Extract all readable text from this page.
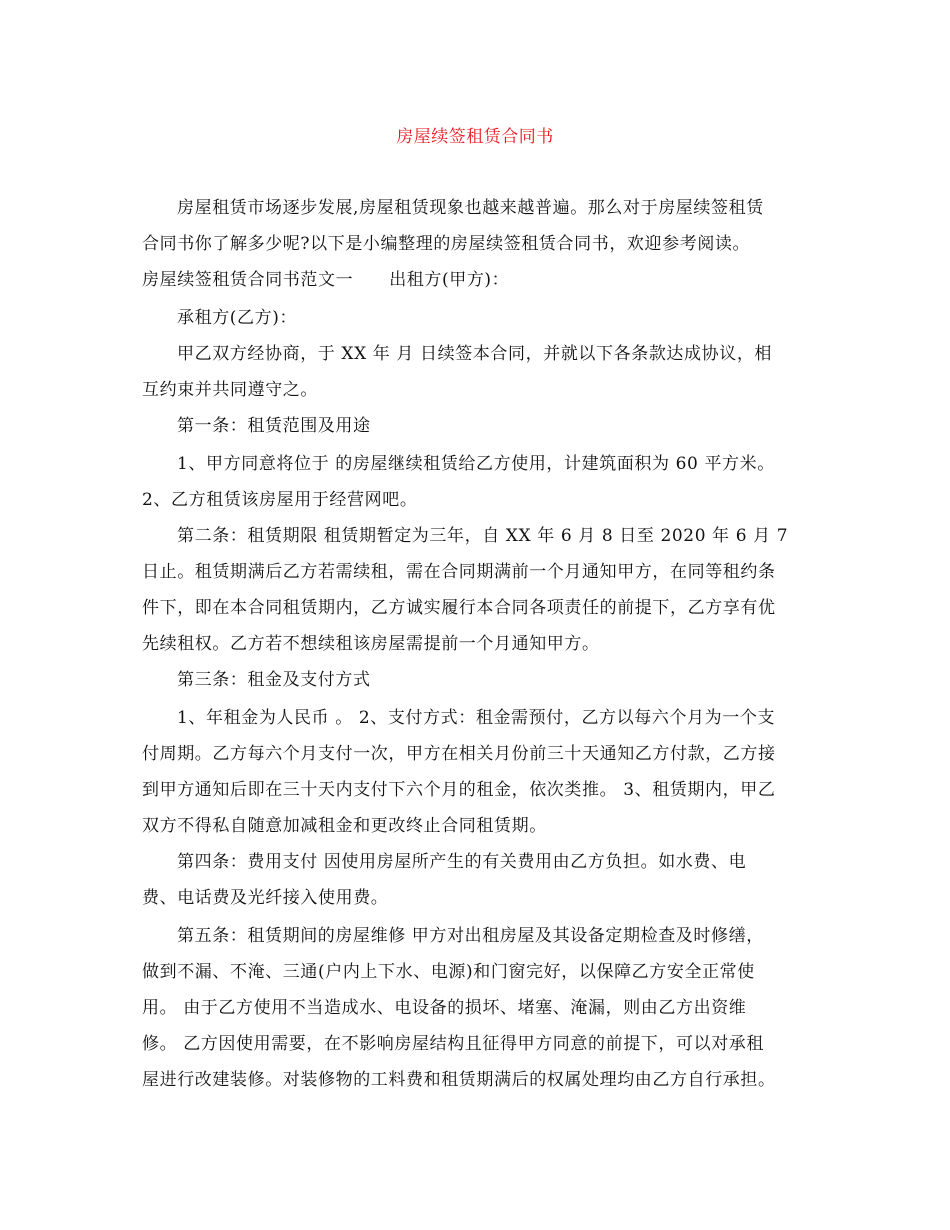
房屋续签租赁合同书
房屋租赁市场逐步发展,房屋租赁现象也越来越普遍。那么对于房屋续签租赁
合同书你了解多少呢?以下是小编整理的房屋续签租赁合同书，欢迎参考阅读。
房屋续签租赁合同书范文一 出租方(甲方)：
承租方(乙方)：
甲乙双方经协商，于 XX 年 月 日续签本合同，并就以下各条款达成协议，相
互约束并共同遵守之。
第一条：租赁范围及用途
1、甲方同意将位于 的房屋继续租赁给乙方使用，计建筑面积为 60 平方米。
2、乙方租赁该房屋用于经营网吧。
第二条：租赁期限 租赁期暂定为三年，自 XX 年 6 月 8 日至 2020 年 6 月 7
日止。租赁期满后乙方若需续租，需在合同期满前一个月通知甲方，在同等租约条
件下，即在本合同租赁期内，乙方诚实履行本合同各项责任的前提下，乙方享有优
先续租权。乙方若不想续租该房屋需提前一个月通知甲方。
第三条：租金及支付方式
1、年租金为人民币 。 2、支付方式：租金需预付，乙方以每六个月为一个支
付周期。乙方每六个月支付一次，甲方在相关月份前三十天通知乙方付款，乙方接
到甲方通知后即在三十天内支付下六个月的租金，依次类推。 3、租赁期内，甲乙
双方不得私自随意加减租金和更改终止合同租赁期。
第四条：费用支付 因使用房屋所产生的有关费用由乙方负担。如水费、电
费、电话费及光纤接入使用费。
第五条：租赁期间的房屋维修 甲方对出租房屋及其设备定期检查及时修缮，
做到不漏、不淹、三通(户内上下水、电源)和门窗完好，以保障乙方安全正常使
用。 由于乙方使用不当造成水、电设备的损坏、堵塞、淹漏，则由乙方出资维
修。 乙方因使用需要，在不影响房屋结构且征得甲方同意的前提下，可以对承租
屋进行改建装修。对装修物的工料费和租赁期满后的权属处理均由乙方自行承担。
